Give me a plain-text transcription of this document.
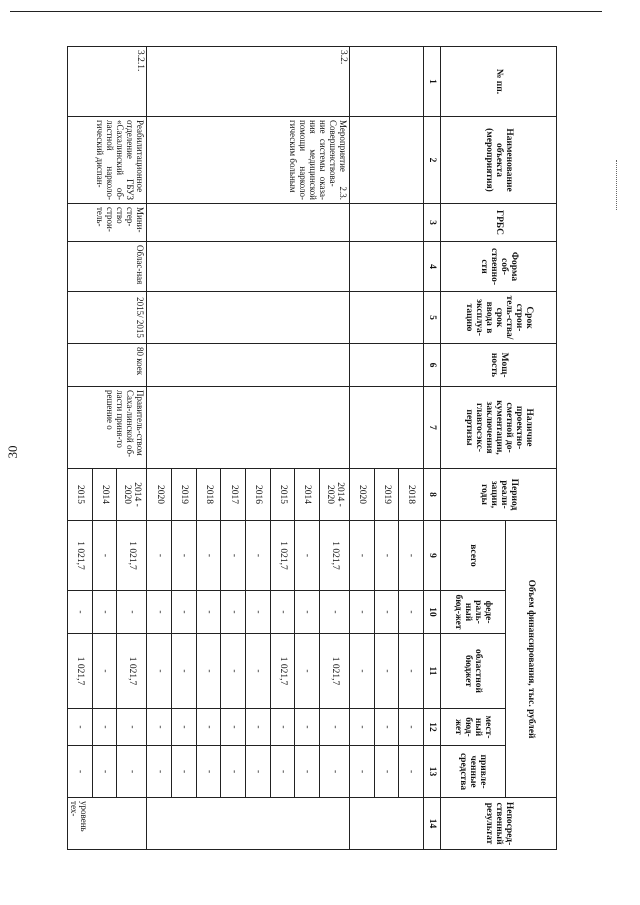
30
№ пп.	Наименование объекта (мероприятия)	ГРБС	Форма соб-ственно-сти	Срок строи-тель-ства/срок ввода в эксплуа-тацию	Мощ-ность	Наличие проектно-сметной до-кументации, заключения главгосэкс-пертизы	Период реали-зации, годы	Объем финансирования, тыс. рублей					Непосред-ственный результат
								всего	феде-раль-ный бюд-жет	областной бюджет	мест-ный бюд-жет	привле-ченные средства	
1	2	3	4	5	6	7	8	9	10	11	12	13	14
							2018	-	-	-	-	-	
							2019	-	-	-	-	-	
							2020	-	-	-	-	-	
3.2.	Мероприятие 2.3. Совершенствова-ние системы оказа-ния медицинской помощи нарколо-гическим больным						2014 - 2020	1 021,7	-	1 021,7	-	-	
							2014	-	-	-	-	-	
							2015	1 021,7	-	1 021,7	-	-	
							2016	-	-	-	-	-	
							2017	-	-	-	-	-	
							2018	-	-	-	-	-	
							2019	-	-	-	-	-	
							2020	-	-	-	-	-	
3.2.1.	Реабилитационное отделение ГБУЗ «Сахалинский об-ластной нарколо-гический диспан-	Мини-стер-ство строи-тель-	Облас-ная	2015/ 2015	80 коек	Правитель-ством Саха-линской об-ласти приня-то решение о	2014 - 2020	1 021,7	-	1 021,7	-	-	уровень тех-
							2014	-	-	-	-	-	
							2015	1 021,7	-	1 021,7	-	-	
